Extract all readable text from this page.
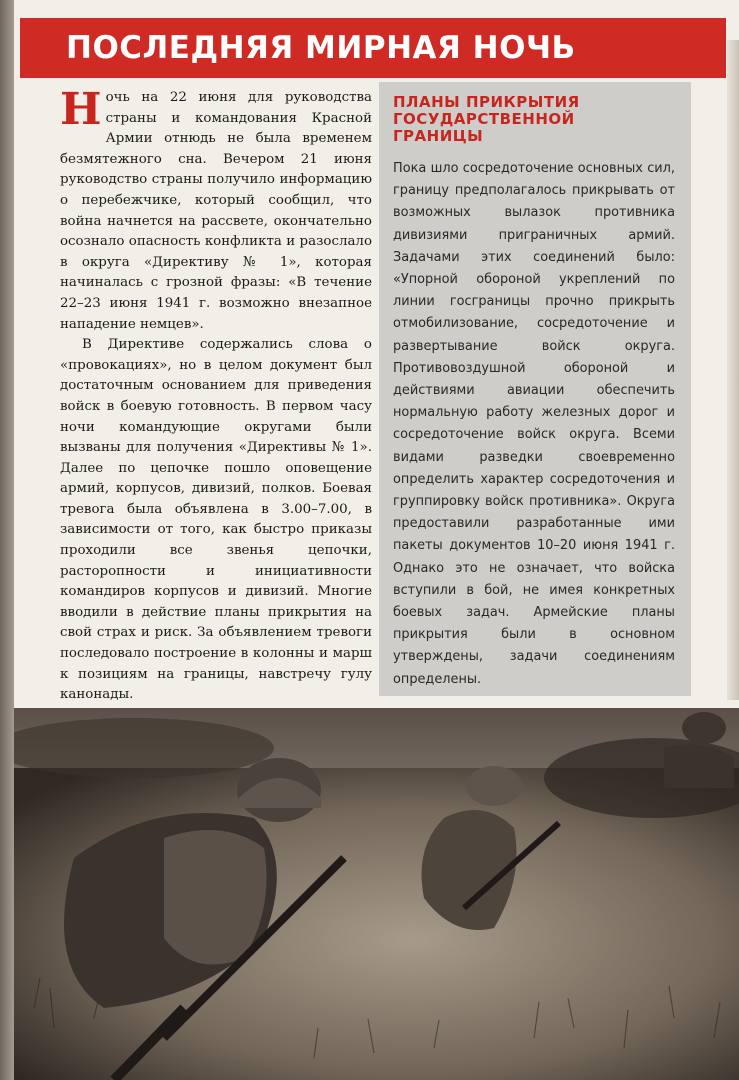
ПОСЛЕДНЯЯ МИРНАЯ НОЧЬ

Ночь на 22 июня для руководства страны и командования Красной Армии отнюдь не была временем безмятежного сна. Вечером 21 июня руководство страны получило информацию о перебежчике, который сообщил, что война начнется на рассвете, окончательно осознало опасность конфликта и разослало в округа «Директиву № 1», которая начиналась с грозной фразы: «В течение 22–23 июня 1941 г. возможно внезапное нападение немцев».

В Директиве содержались слова о «провокациях», но в целом документ был достаточным основанием для приведения войск в боевую готовность. В первом часу ночи командующие округами были вызваны для получения «Директивы № 1». Далее по цепочке пошло оповещение армий, корпусов, дивизий, полков. Боевая тревога была объявлена в 3.00–7.00, в зависимости от того, как быстро приказы проходили все звенья цепочки, расторопности и инициативности командиров корпусов и дивизий. Многие вводили в действие планы прикрытия на свой страх и риск. За объявлением тревоги последовало построение в колонны и марш к позициям на границы, навстречу гулу канонады.

ПЛАНЫ ПРИКРЫТИЯ
ГОСУДАРСТВЕННОЙ
ГРАНИЦЫ
Пока шло сосредоточение основных сил, границу предполагалось прикрывать от возможных вылазок противника дивизиями приграничных армий. Задачами этих соединений было: «Упорной обороной укреплений по линии госграницы прочно прикрыть отмобилизование, сосредоточение и развертывание войск округа. Противовоздушной обороной и действиями авиации обеспечить нормальную работу железных дорог и сосредоточение войск округа. Всеми видами разведки своевременно определить характер сосредоточения и группировку войск противника». Округа предоставили разработанные ими пакеты документов 10–20 июня 1941 г. Однако это не означает, что войска вступили в бой, не имея конкретных боевых задач. Армейские планы прикрытия были в основном утверждены, задачи соединениям определены.
